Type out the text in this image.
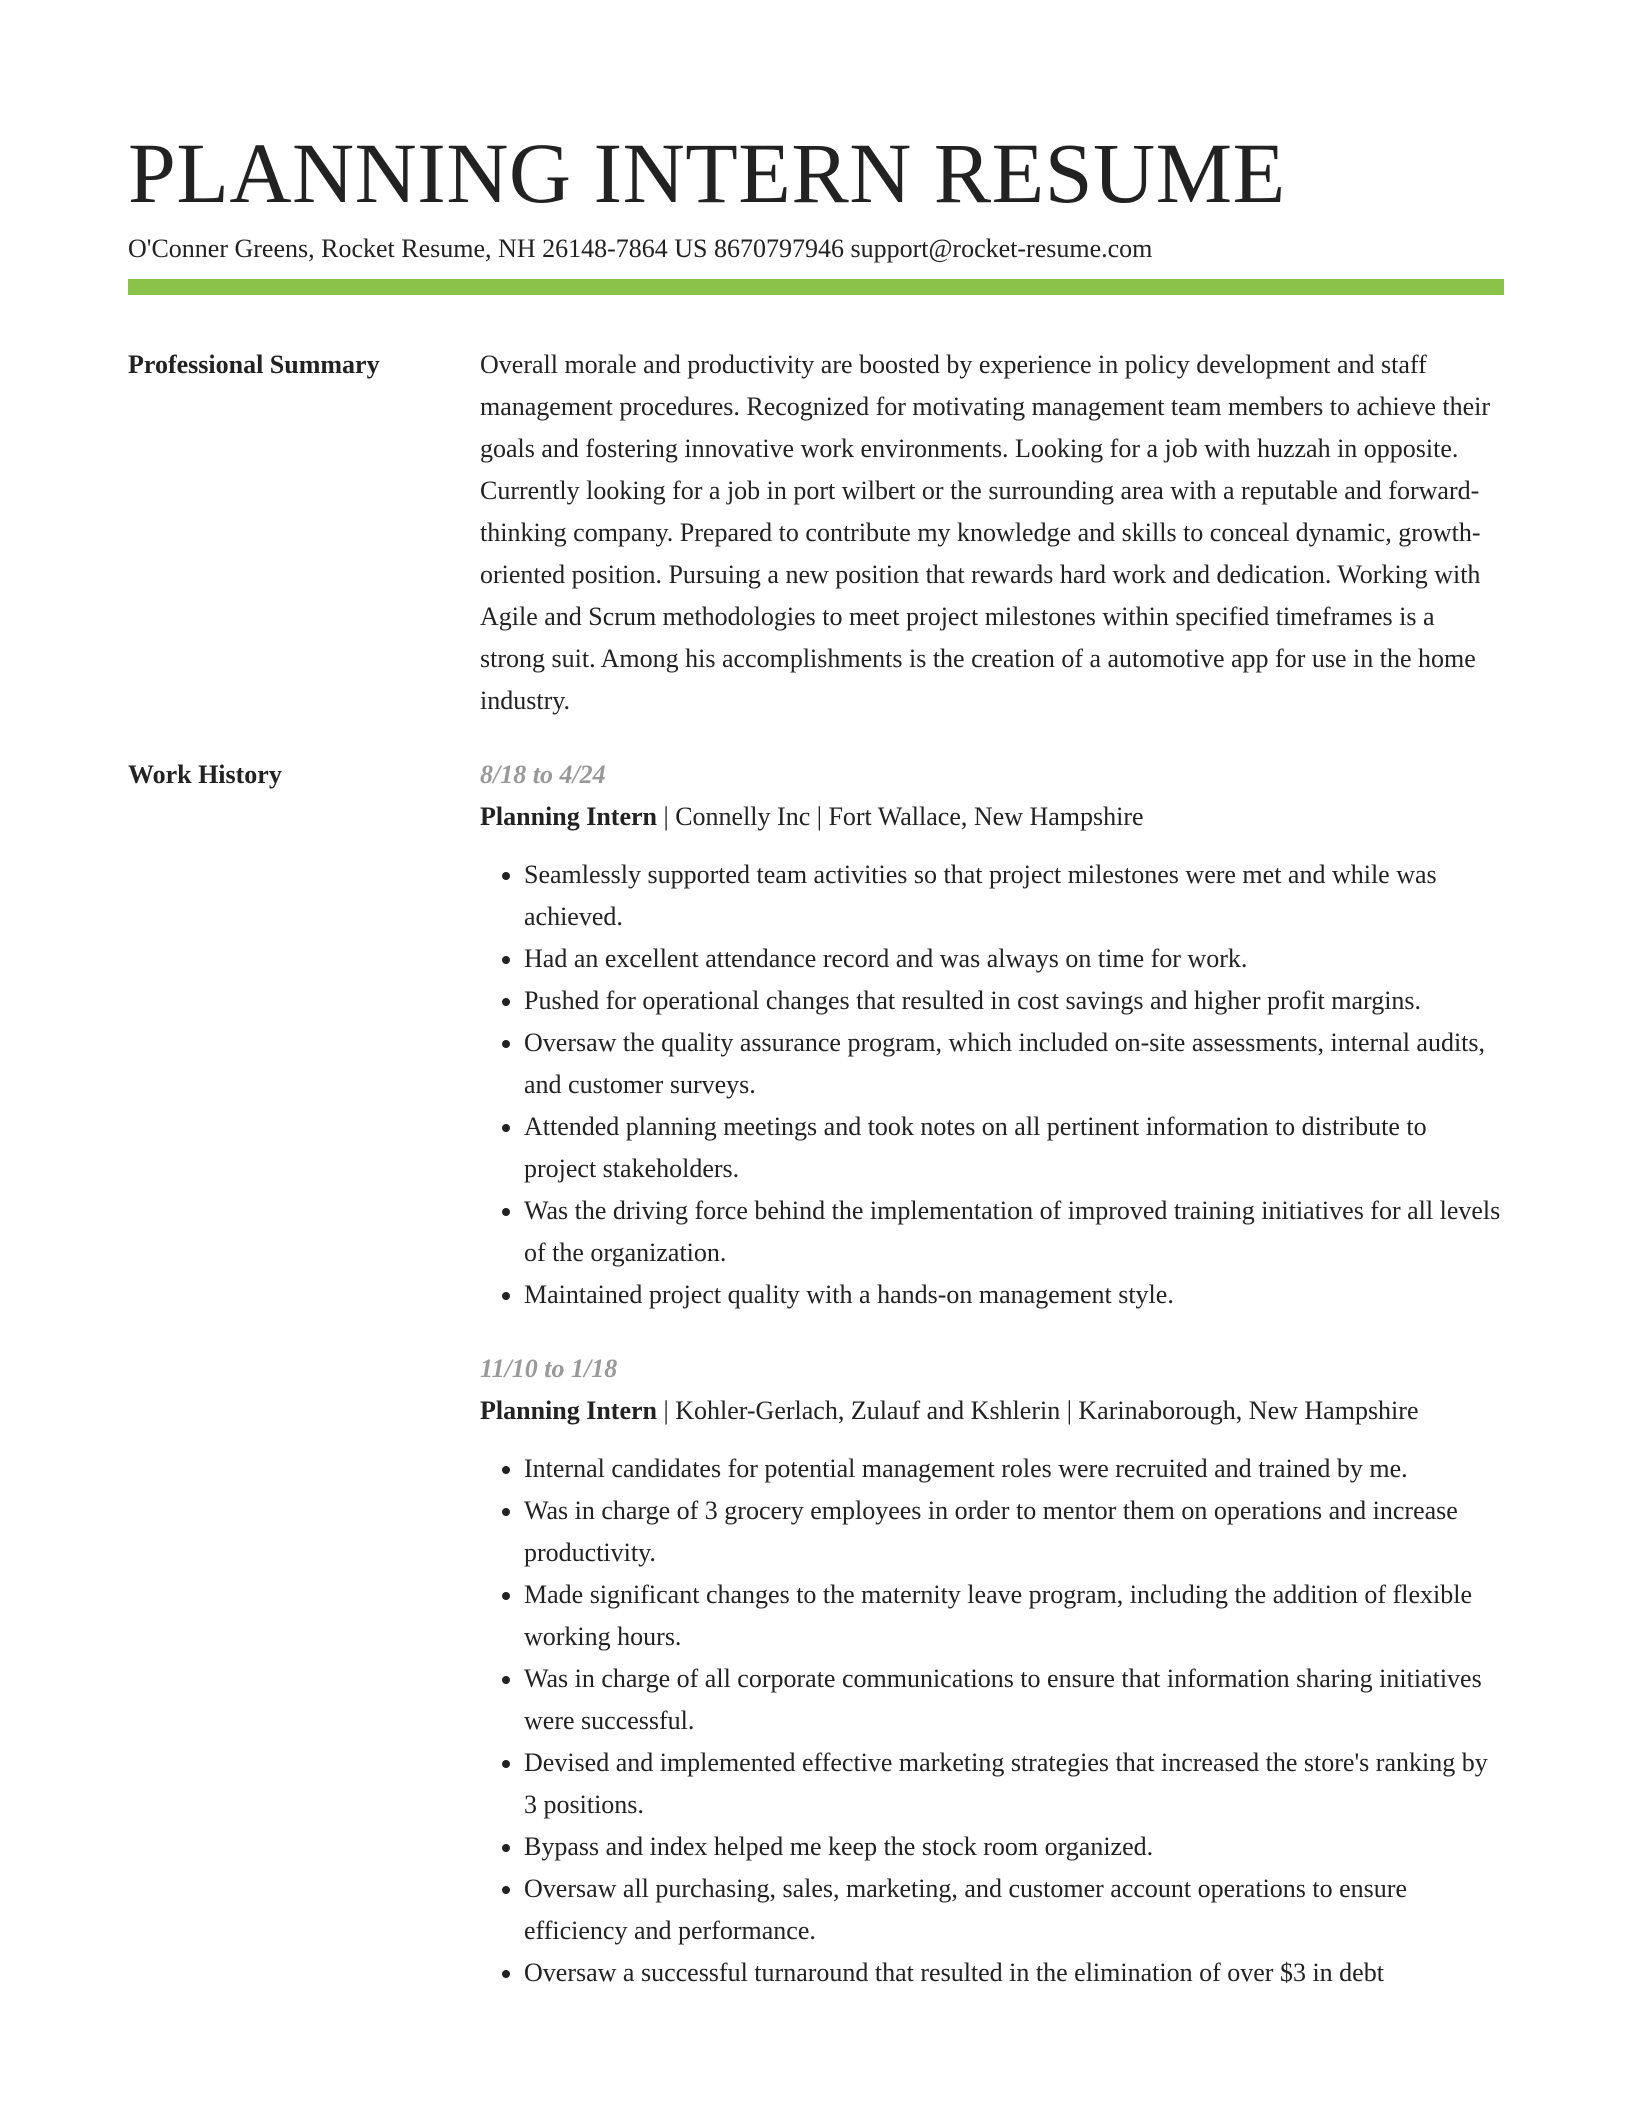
PLANNING INTERN RESUME
O'Conner Greens, Rocket Resume, NH 26148-7864 US 8670797946 support@rocket-resume.com
Professional Summary	Overall morale and productivity are boosted by experience in policy development and staff management procedures. Recognized for motivating management team members to achieve their goals and fostering innovative work environments. Looking for a job with huzzah in opposite. Currently looking for a job in port wilbert or the surrounding area with a reputable and forward-thinking company. Prepared to contribute my knowledge and skills to conceal dynamic, growth-oriented position. Pursuing a new position that rewards hard work and dedication. Working with Agile and Scrum methodologies to meet project milestones within specified timeframes is a strong suit. Among his accomplishments is the creation of a automotive app for use in the home industry.

Work History	8/18 to 4/24
Planning Intern | Connelly Inc | Fort Wallace, New Hampshire
• Seamlessly supported team activities so that project milestones were met and while was achieved.
• Had an excellent attendance record and was always on time for work.
• Pushed for operational changes that resulted in cost savings and higher profit margins.
• Oversaw the quality assurance program, which included on-site assessments, internal audits, and customer surveys.
• Attended planning meetings and took notes on all pertinent information to distribute to project stakeholders.
• Was the driving force behind the implementation of improved training initiatives for all levels of the organization.
• Maintained project quality with a hands-on management style.
11/10 to 1/18
Planning Intern | Kohler-Gerlach, Zulauf and Kshlerin | Karinaborough, New Hampshire
• Internal candidates for potential management roles were recruited and trained by me.
• Was in charge of 3 grocery employees in order to mentor them on operations and increase productivity.
• Made significant changes to the maternity leave program, including the addition of flexible working hours.
• Was in charge of all corporate communications to ensure that information sharing initiatives were successful.
• Devised and implemented effective marketing strategies that increased the store's ranking by 3 positions.
• Bypass and index helped me keep the stock room organized.
• Oversaw all purchasing, sales, marketing, and customer account operations to ensure efficiency and performance.
• Oversaw a successful turnaround that resulted in the elimination of over $3 in debt
